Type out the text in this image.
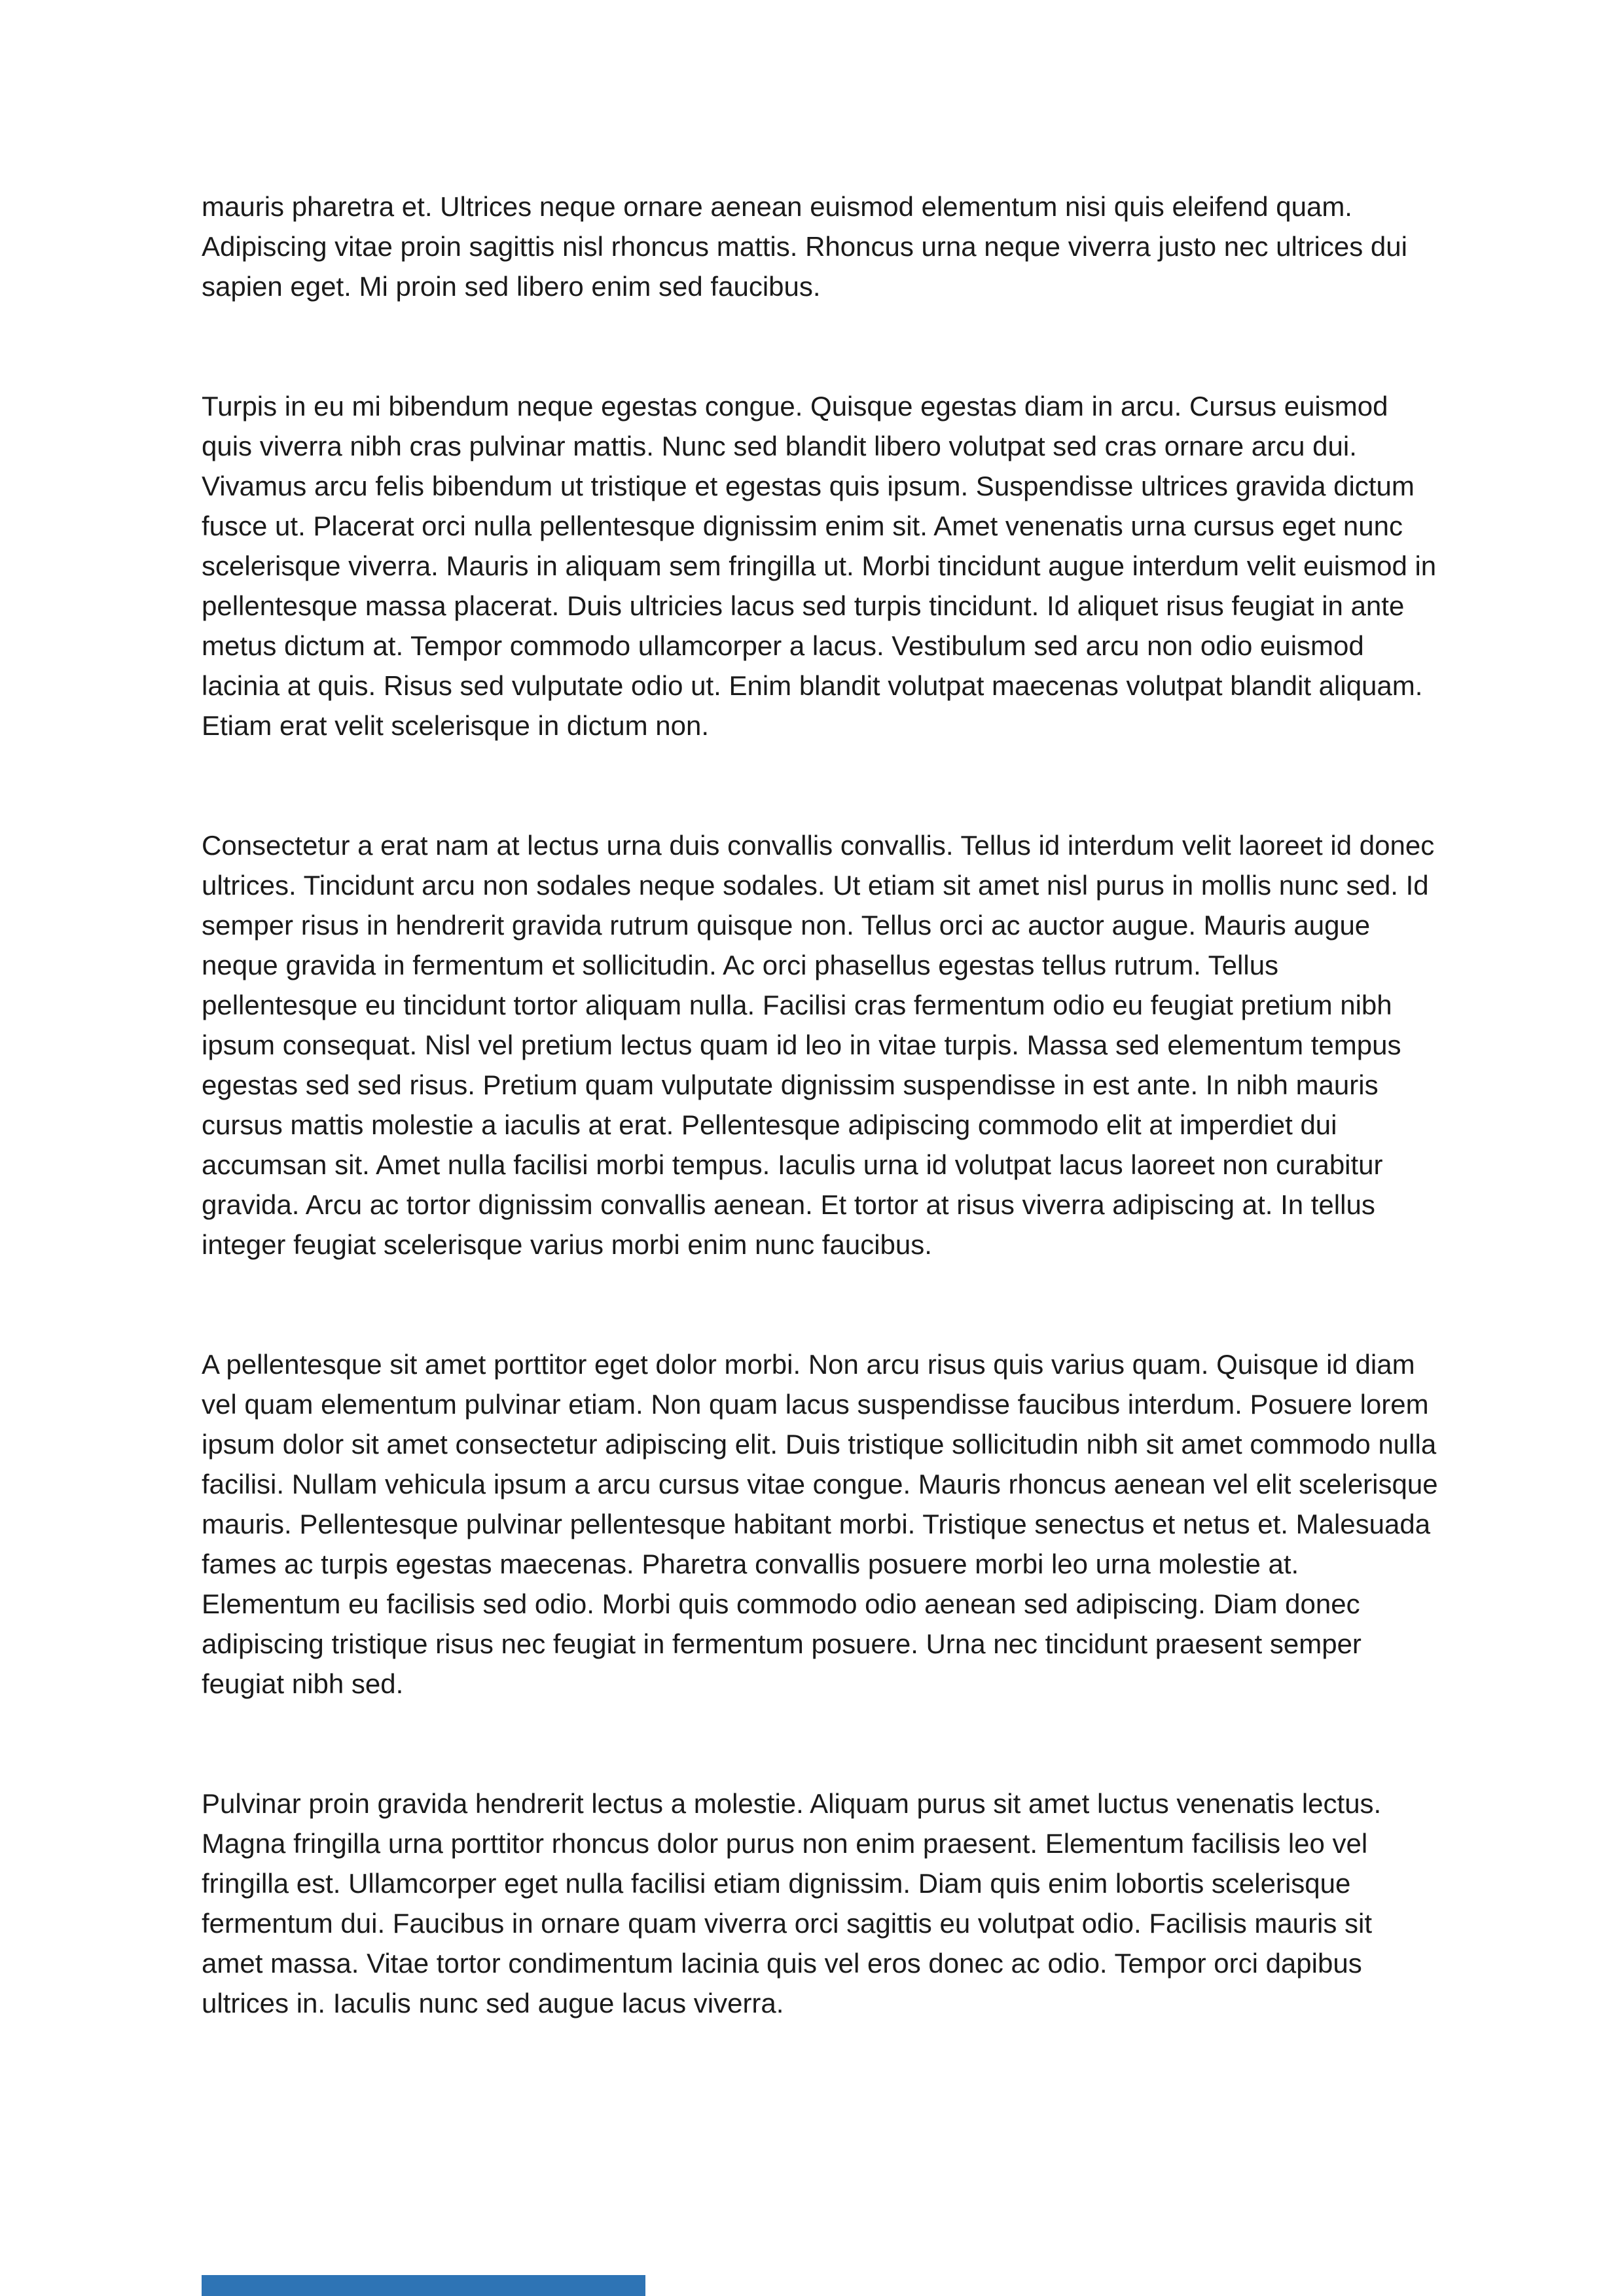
mauris pharetra et. Ultrices neque ornare aenean euismod elementum nisi quis eleifend quam. Adipiscing vitae proin sagittis nisl rhoncus mattis. Rhoncus urna neque viverra justo nec ultrices dui sapien eget. Mi proin sed libero enim sed faucibus.

Turpis in eu mi bibendum neque egestas congue. Quisque egestas diam in arcu. Cursus euismod quis viverra nibh cras pulvinar mattis. Nunc sed blandit libero volutpat sed cras ornare arcu dui. Vivamus arcu felis bibendum ut tristique et egestas quis ipsum. Suspendisse ultrices gravida dictum fusce ut. Placerat orci nulla pellentesque dignissim enim sit. Amet venenatis urna cursus eget nunc scelerisque viverra. Mauris in aliquam sem fringilla ut. Morbi tincidunt augue interdum velit euismod in pellentesque massa placerat. Duis ultricies lacus sed turpis tincidunt. Id aliquet risus feugiat in ante metus dictum at. Tempor commodo ullamcorper a lacus. Vestibulum sed arcu non odio euismod lacinia at quis. Risus sed vulputate odio ut. Enim blandit volutpat maecenas volutpat blandit aliquam. Etiam erat velit scelerisque in dictum non.

Consectetur a erat nam at lectus urna duis convallis convallis. Tellus id interdum velit laoreet id donec ultrices. Tincidunt arcu non sodales neque sodales. Ut etiam sit amet nisl purus in mollis nunc sed. Id semper risus in hendrerit gravida rutrum quisque non. Tellus orci ac auctor augue. Mauris augue neque gravida in fermentum et sollicitudin. Ac orci phasellus egestas tellus rutrum. Tellus pellentesque eu tincidunt tortor aliquam nulla. Facilisi cras fermentum odio eu feugiat pretium nibh ipsum consequat. Nisl vel pretium lectus quam id leo in vitae turpis. Massa sed elementum tempus egestas sed sed risus. Pretium quam vulputate dignissim suspendisse in est ante. In nibh mauris cursus mattis molestie a iaculis at erat. Pellentesque adipiscing commodo elit at imperdiet dui accumsan sit. Amet nulla facilisi morbi tempus. Iaculis urna id volutpat lacus laoreet non curabitur gravida. Arcu ac tortor dignissim convallis aenean. Et tortor at risus viverra adipiscing at. In tellus integer feugiat scelerisque varius morbi enim nunc faucibus.

A pellentesque sit amet porttitor eget dolor morbi. Non arcu risus quis varius quam. Quisque id diam vel quam elementum pulvinar etiam. Non quam lacus suspendisse faucibus interdum. Posuere lorem ipsum dolor sit amet consectetur adipiscing elit. Duis tristique sollicitudin nibh sit amet commodo nulla facilisi. Nullam vehicula ipsum a arcu cursus vitae congue. Mauris rhoncus aenean vel elit scelerisque mauris. Pellentesque pulvinar pellentesque habitant morbi. Tristique senectus et netus et. Malesuada fames ac turpis egestas maecenas. Pharetra convallis posuere morbi leo urna molestie at. Elementum eu facilisis sed odio. Morbi quis commodo odio aenean sed adipiscing. Diam donec adipiscing tristique risus nec feugiat in fermentum posuere. Urna nec tincidunt praesent semper feugiat nibh sed.

Pulvinar proin gravida hendrerit lectus a molestie. Aliquam purus sit amet luctus venenatis lectus. Magna fringilla urna porttitor rhoncus dolor purus non enim praesent. Elementum facilisis leo vel fringilla est. Ullamcorper eget nulla facilisi etiam dignissim. Diam quis enim lobortis scelerisque fermentum dui. Faucibus in ornare quam viverra orci sagittis eu volutpat odio. Facilisis mauris sit amet massa. Vitae tortor condimentum lacinia quis vel eros donec ac odio. Tempor orci dapibus ultrices in. Iaculis nunc sed augue lacus viverra.
